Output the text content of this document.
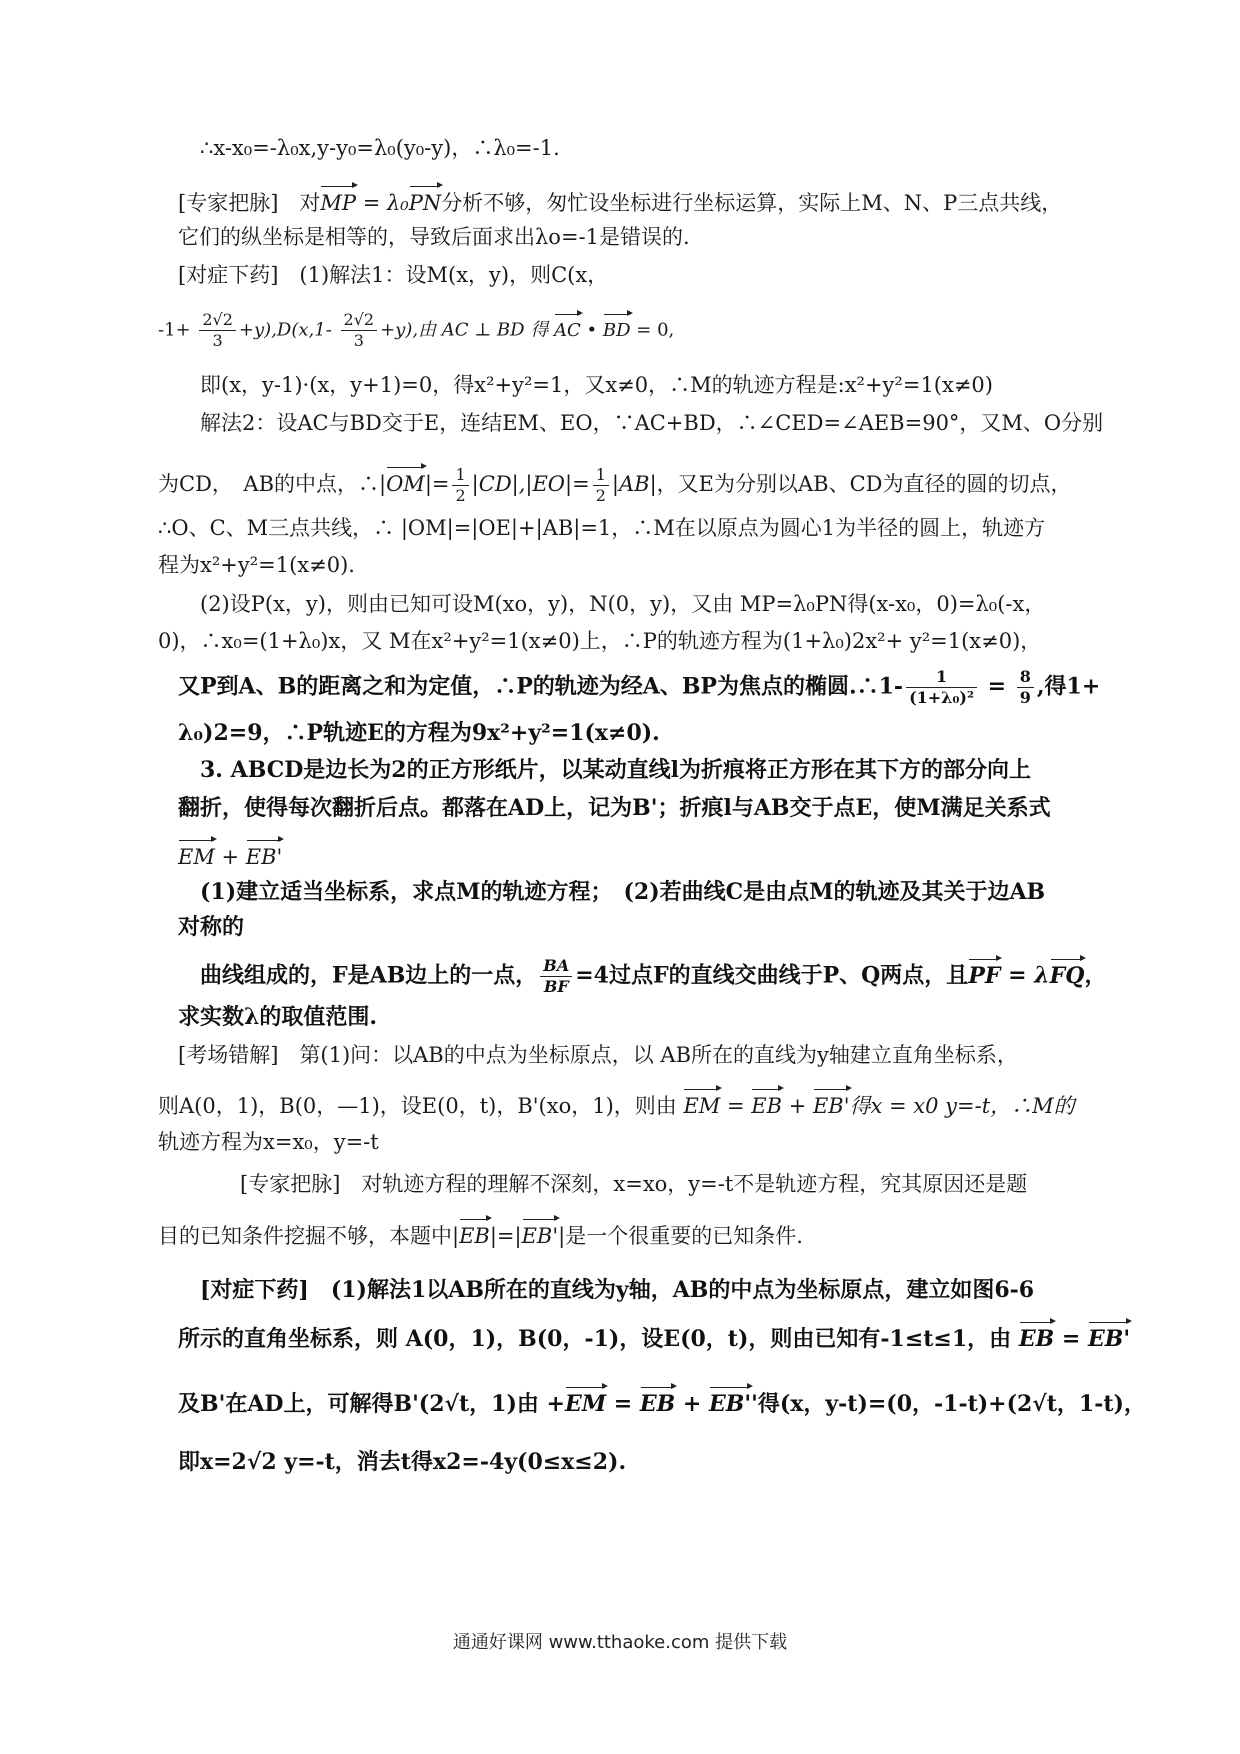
∴x-x₀=-λ₀x,y-y₀=λ₀(y₀-y)，∴λ₀=-1.
[专家把脉]　对MP = λ₀PN分析不够，匆忙设坐标进行坐标运算，实际上M、N、P三点共线，
它们的纵坐标是相等的，导致后面求出λo=-1是错误的.
[对症下药]　(1)解法1：设M(x，y)，则C(x，
$-1+ \frac{2√2}{3} +y),D(x,1- \frac{2√2}{3} +y)$,由 AC ⊥ BD 得 AC • BD = 0,
即(x，y-1)·(x，y+1)=0，得x²+y²=1，又x≠0，∴M的轨迹方程是:x²+y²=1(x≠0)
解法2：设AC与BD交于E，连结EM、EO，∵AC+BD，∴∠CED=∠AEB=90°，又M、O分别
为CD，　AB的中点，∴|OM|= $\frac{1}{2} |CD|,|EO|= \frac{1}{2} |AB|$，又E为分别以AB、CD为直径的圆的切点，
∴O、C、M三点共线，∴ |OM|=|OE|+|AB|=1，∴M在以原点为圆心1为半径的圆上，轨迹方
程为x²+y²=1(x≠0).
(2)设P(x，y)，则由已知可设M(xo，y)，N(0，y)，又由 MP=λ₀PN得(x-x₀，0)=λ₀(-x，
0)，∴x₀=(1+λ₀)x，又 M在x²+y²=1(x≠0)上，∴P的轨迹方程为(1+λ₀)2x²+ y²=1(x≠0)，
又P到A、B的距离之和为定值，∴P的轨迹为经A、BP为焦点的椭圆.∴1- $\frac{1}{\text{(1+λ₀)²}} = \frac{8}{9}$ ,得1+
λ₀)2=9，∴P轨迹E的方程为9x²+y²=1(x≠0).
3. ABCD是边长为2的正方形纸片，以某动直线l为折痕将正方形在其下方的部分向上
翻折，使得每次翻折后点。都落在AD上，记为B'；折痕l与AB交于点E，使M满足关系式
EM + EB'
(1)建立适当坐标系，求点M的轨迹方程；　(2)若曲线C是由点M的轨迹及其关于边AB
对称的
曲线组成的，F是AB边上的一点， $\frac{BA}{BF} =4$过点F的直线交曲线于P、Q两点，且PF = λFQ，
求实数λ的取值范围.
[考场错解]　第(1)问：以AB的中点为坐标原点，以 AB所在的直线为y轴建立直角坐标系，
则A(0，1)，B(0，—1)，设E(0，t)，B'(xo，1)，则由 EM = EB + EB'得x = x0 y=-t，∴M的
轨迹方程为x=x₀，y=-t
[专家把脉]　对轨迹方程的理解不深刻，x=xo，y=-t不是轨迹方程，究其原因还是题
目的已知条件挖掘不够，本题中|EB|=|EB'|是一个很重要的已知条件.
[对症下药]　(1)解法1以AB所在的直线为y轴，AB的中点为坐标原点，建立如图6-6
所示的直角坐标系，则 A(0，1)，B(0，-1)，设E(0，t)，则由已知有-1≤t≤1，由 EB = EB'
及B'在AD上，可解得B'(2√t，1)由 +EM = EB + EB''得(x，y-t)=(0，-1-t)+(2√t，1-t)，
即x=2√2 y=-t，消去t得x2=-4y(0≤x≤2).
通通好课网 www.tthaoke.com 提供下载
